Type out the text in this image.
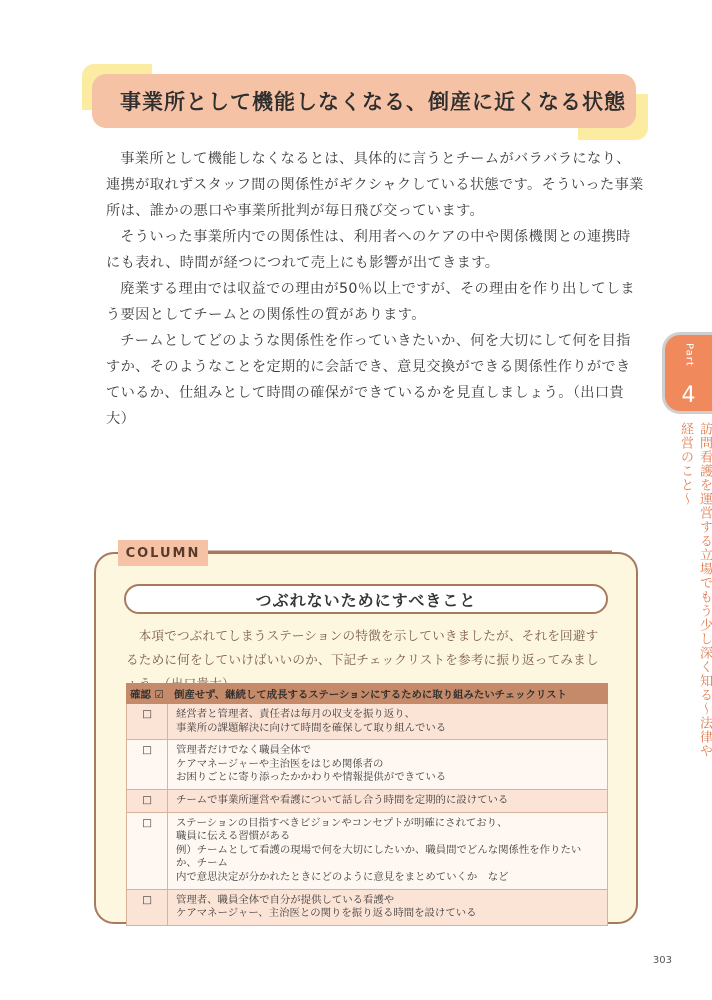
事業所として機能しなくなる、倒産に近くなる状態

事業所として機能しなくなるとは、具体的に言うとチームがバラバラになり、連携が取れずスタッフ間の関係性がギクシャクしている状態です。そういった事業所は、誰かの悪口や事業所批判が毎日飛び交っています。

そういった事業所内での関係性は、利用者へのケアの中や関係機関との連携時にも表れ、時間が経つにつれて売上にも影響が出てきます。

廃業する理由では収益での理由が50％以上ですが、その理由を作り出してしまう要因としてチームとの関係性の質があります。

チームとしてどのような関係性を作っていきたいか、何を大切にして何を目指すか、そのようなことを定期的に会話でき、意見交換ができる関係性作りができているか、仕組みとして時間の確保ができているかを見直しましょう。（出口貴大）

Part
4
訪問看護を運営する立場でもう少し深く知る～法律や経営のこと～
COLUMN
つぶれないためにすべきこと

本項でつぶれてしまうステーションの特徴を示していきましたが、それを回避するために何をしていけばいいのか、下記チェックリストを参考に振り返ってみまし

確認 ☑	倒産せず、継続して成長するステーションにするために取り組みたいチェックリスト
□	経営者と管理者、責任者は毎月の収支を振り返り、
事業所の課題解決に向けて時間を確保して取り組んでいる

□	管理者だけでなく職員全体で
ケアマネージャーや主治医をはじめ関係者の
お困りごとに寄り添ったかかわりや情報提供ができている

□	チームで事業所運営や看護について話し合う時間を定期的に設けている

□	ステーションの目指すべきビジョンやコンセプトが明確にされており、
職員に伝える習慣がある
例）チームとして看護の現場で何を大切にしたいか、職員間でどんな関係性を作りたいか、チーム
内で意思決定が分かれたときにどのように意見をまとめていくか　など

□	管理者、職員全体で自分が提供している看護や
ケアマネージャー、主治医との関りを振り返る時間を設けている
303
